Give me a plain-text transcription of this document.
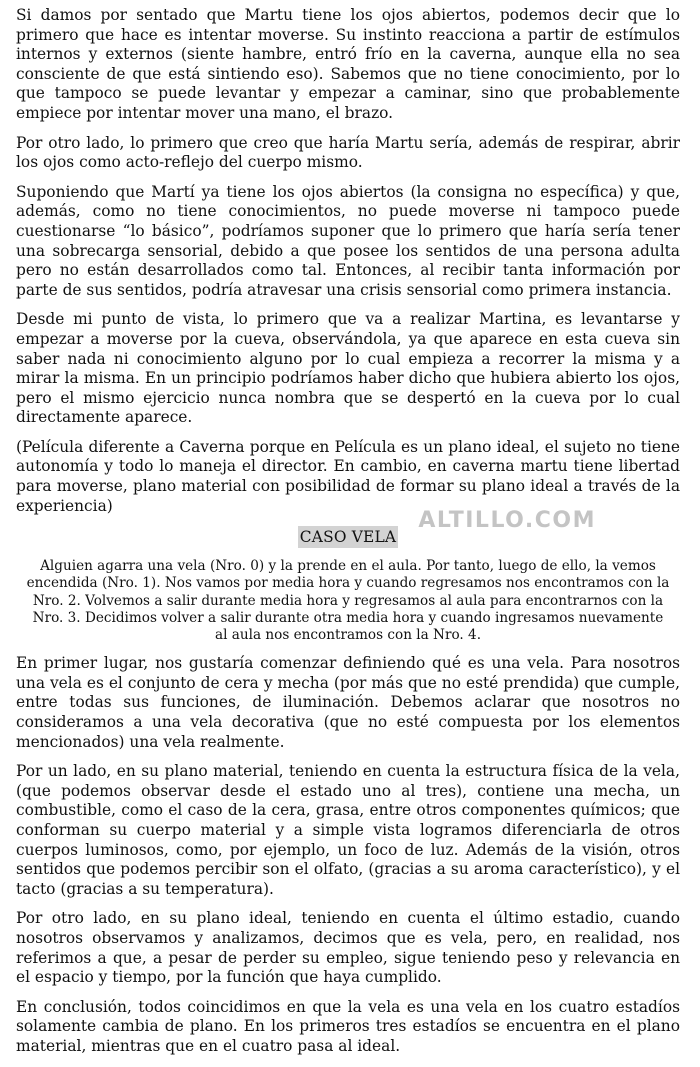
Si damos por sentado que Martu tiene los ojos abiertos, podemos decir que lo primero que hace es intentar moverse. Su instinto reacciona a partir de estímulos internos y externos (siente hambre, entró frío en la caverna, aunque ella no sea consciente de que está sintiendo eso). Sabemos que no tiene conocimiento, por lo que tampoco se puede levantar y empezar a caminar, sino que probablemente empiece por intentar mover una mano, el brazo.

Por otro lado, lo primero que creo que haría Martu sería, además de respirar, abrir los ojos como acto-reflejo del cuerpo mismo.

Suponiendo que Martí ya tiene los ojos abiertos (la consigna no específica) y que, además, como no tiene conocimientos, no puede moverse ni tampoco puede cuestionarse “lo básico”, podríamos suponer que lo primero que haría sería tener una sobrecarga sensorial, debido a que posee los sentidos de una persona adulta pero no están desarrollados como tal. Entonces, al recibir tanta información por parte de sus sentidos, podría atravesar una crisis sensorial como primera instancia.

Desde mi punto de vista, lo primero que va a realizar Martina, es levantarse y empezar a moverse por la cueva, observándola, ya que aparece en esta cueva sin saber nada ni conocimiento alguno por lo cual empieza a recorrer la misma y a mirar la misma. En un principio podríamos haber dicho que hubiera abierto los ojos, pero el mismo ejercicio nunca nombra que se despertó en la cueva por lo cual directamente aparece.

(Película diferente a Caverna porque en Película es un plano ideal, el sujeto no tiene autonomía y todo lo maneja el director. En cambio, en caverna martu tiene libertad para moverse, plano material con posibilidad de formar su plano ideal a través de la experiencia)

ALTILLO.COM
CASO VELA

Alguien agarra una vela (Nro. 0) y la prende en el aula. Por tanto, luego de ello, la vemos encendida (Nro. 1). Nos vamos por media hora y cuando regresamos nos encontramos con la Nro. 2. Volvemos a salir durante media hora y regresamos al aula para encontrarnos con la Nro. 3. Decidimos volver a salir durante otra media hora y cuando ingresamos nuevamente al aula nos encontramos con la Nro. 4.

En primer lugar, nos gustaría comenzar definiendo qué es una vela. Para nosotros una vela es el conjunto de cera y mecha (por más que no esté prendida) que cumple, entre todas sus funciones, de iluminación. Debemos aclarar que nosotros no consideramos a una vela decorativa (que no esté compuesta por los elementos mencionados) una vela realmente.

Por un lado, en su plano material, teniendo en cuenta la estructura física de la vela, (que podemos observar desde el estado uno al tres), contiene una mecha, un combustible, como el caso de la cera, grasa, entre otros componentes químicos; que conforman su cuerpo material y a simple vista logramos diferenciarla de otros cuerpos luminosos, como, por ejemplo, un foco de luz. Además de la visión, otros sentidos que podemos percibir son el olfato, (gracias a su aroma característico), y el tacto (gracias a su temperatura).

Por otro lado, en su plano ideal, teniendo en cuenta el último estadio, cuando nosotros observamos y analizamos, decimos que es vela, pero, en realidad, nos referimos a que, a pesar de perder su empleo, sigue teniendo peso y relevancia en el espacio y tiempo, por la función que haya cumplido.

En conclusión, todos coincidimos en que la vela es una vela en los cuatro estadíos solamente cambia de plano. En los primeros tres estadíos se encuentra en el plano material, mientras que en el cuatro pasa al ideal.
